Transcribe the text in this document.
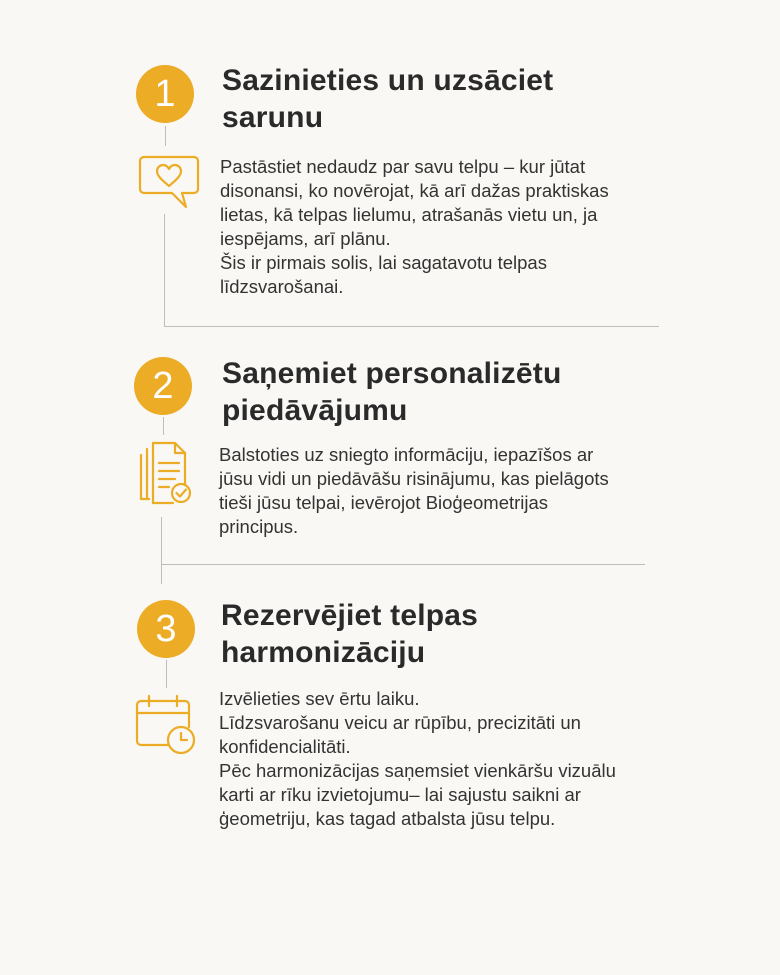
1	Sazinieties un uzsāciet
sarunu
Pastāstiet nedaudz par savu telpu – kur jūtat
disonansi, ko novērojat, kā arī dažas praktiskas
lietas, kā telpas lielumu, atrašanās vietu un, ja
iespējams, arī plānu.
Šis ir pirmais solis, lai sagatavotu telpas
līdzsvarošanai.
2	Saņemiet personalizētu
piedāvājumu
Balstoties uz sniegto informāciju, iepazīšos ar
jūsu vidi un piedāvāšu risinājumu, kas pielāgots
tieši jūsu telpai, ievērojot Bioģeometrijas
principus.
3	Rezervējiet telpas
harmonizāciju
Izvēlieties sev ērtu laiku.
Līdzsvarošanu veicu ar rūpību, precizitāti un
konfidencialitāti.
Pēc harmonizācijas saņemsiet vienkāršu vizuālu
karti ar rīku izvietojumu– lai sajustu saikni ar
ģeometriju, kas tagad atbalsta jūsu telpu.
